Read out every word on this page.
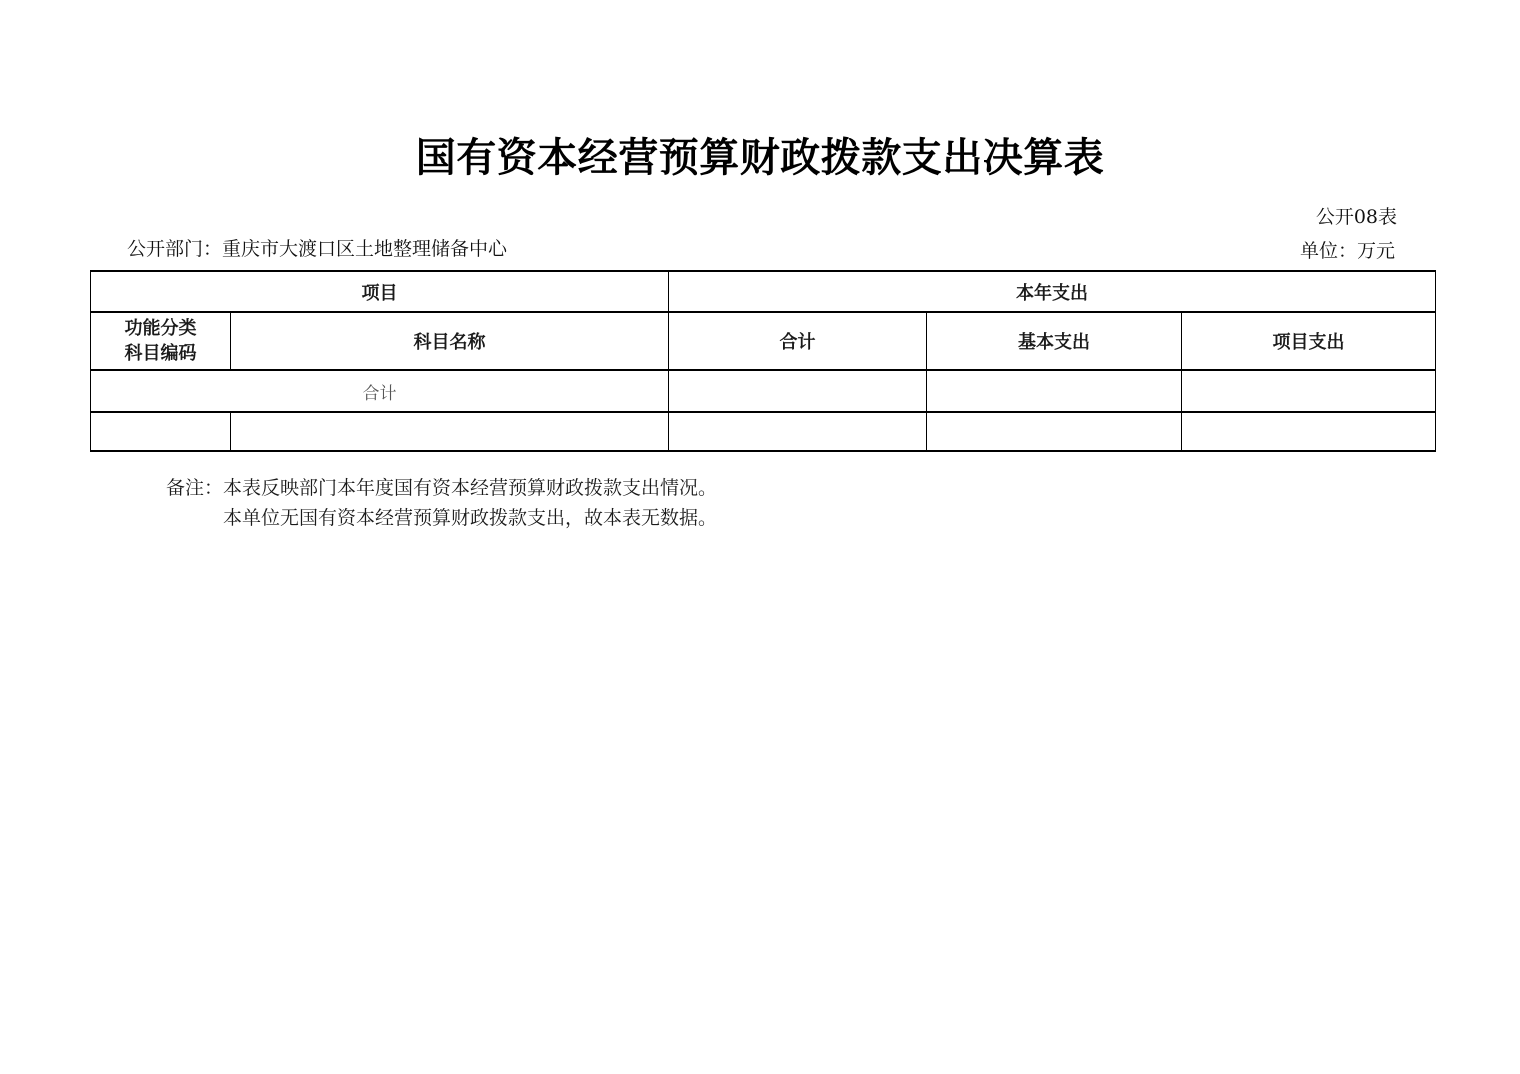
国有资本经营预算财政拨款支出决算表
公开08表
公开部门：重庆市大渡口区土地整理储备中心	单位：万元
项目		本年支出		

功能分类
科目编码	科目名称	合计	基本支出	项目支出
合计				

备注： 本表反映部门本年度国有资本经营预算财政拨款支出情况。
本单位无国有资本经营预算财政拨款支出，故本表无数据。
